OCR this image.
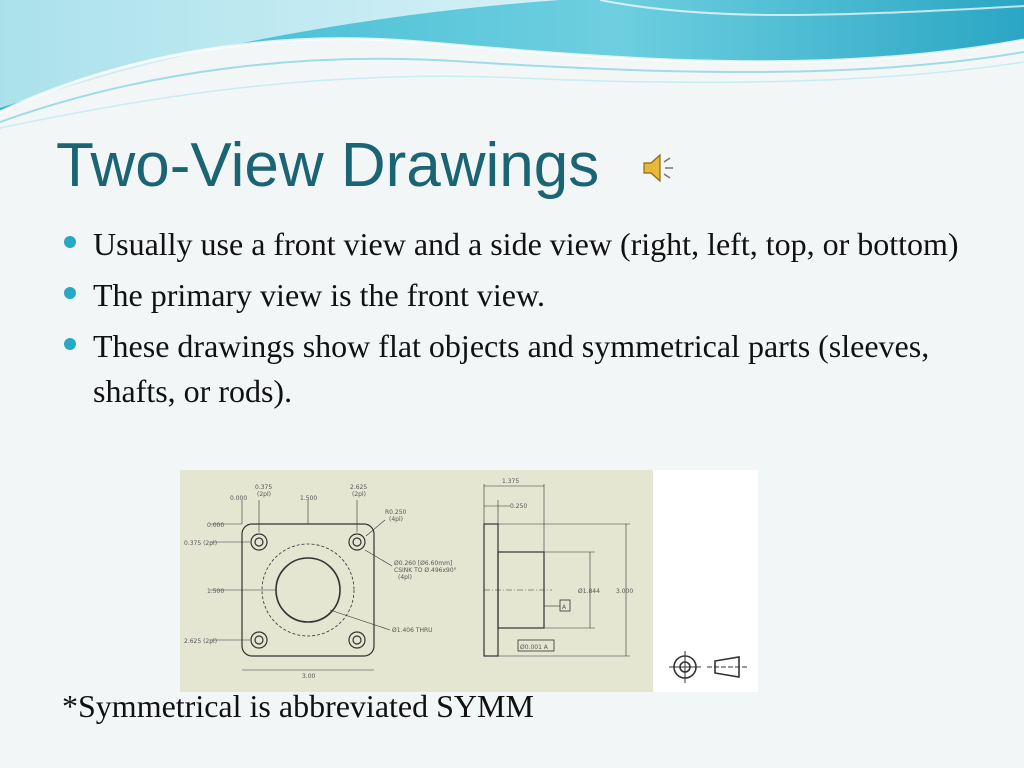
Two-View Drawings
Usually use a front view and a side view (right, left, top, or bottom)
The primary view is the front view.
These drawings show flat objects and symmetrical parts (sleeves, shafts, or rods).
0.375
(2pl)
0.000	1.500
2.625
(2pl)
0.000
0.375 (2pl)
1.500
2.625 (2pl)
3.00
R0.250
(4pl)
Ø0.260 [Ø6.60mm]
CSINK TO Ø.496x90°
(4pl)
Ø1.406 THRU
1.375
0.250
Ø1.844	3.000
A
Ø0.001 A
*Symmetrical is abbreviated SYMM
